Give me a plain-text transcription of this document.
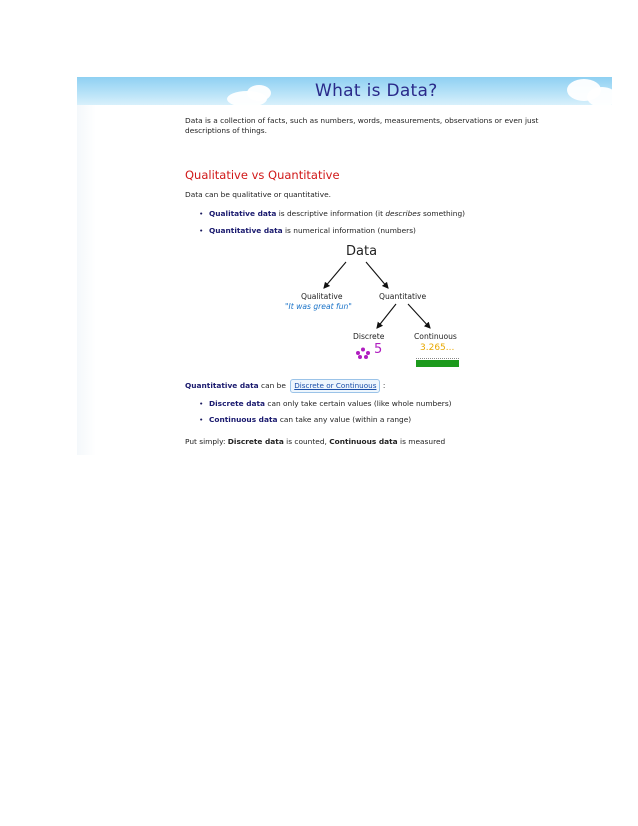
What is Data?
Data is a collection of facts, such as numbers, words, measurements, observations or even just descriptions of things.
Qualitative vs Quantitative
Data can be qualitative or quantitative.
• Qualitative data is descriptive information (it describes something)
• Quantitative data is numerical information (numbers)
Data
Qualitative
"It was great fun"
Quantitative
Discrete	Continuous
5	3.265...
Quantitative data can be Discrete or Continuous :
• Discrete data can only take certain values (like whole numbers)
• Continuous data can take any value (within a range)
Put simply: Discrete data is counted, Continuous data is measured
